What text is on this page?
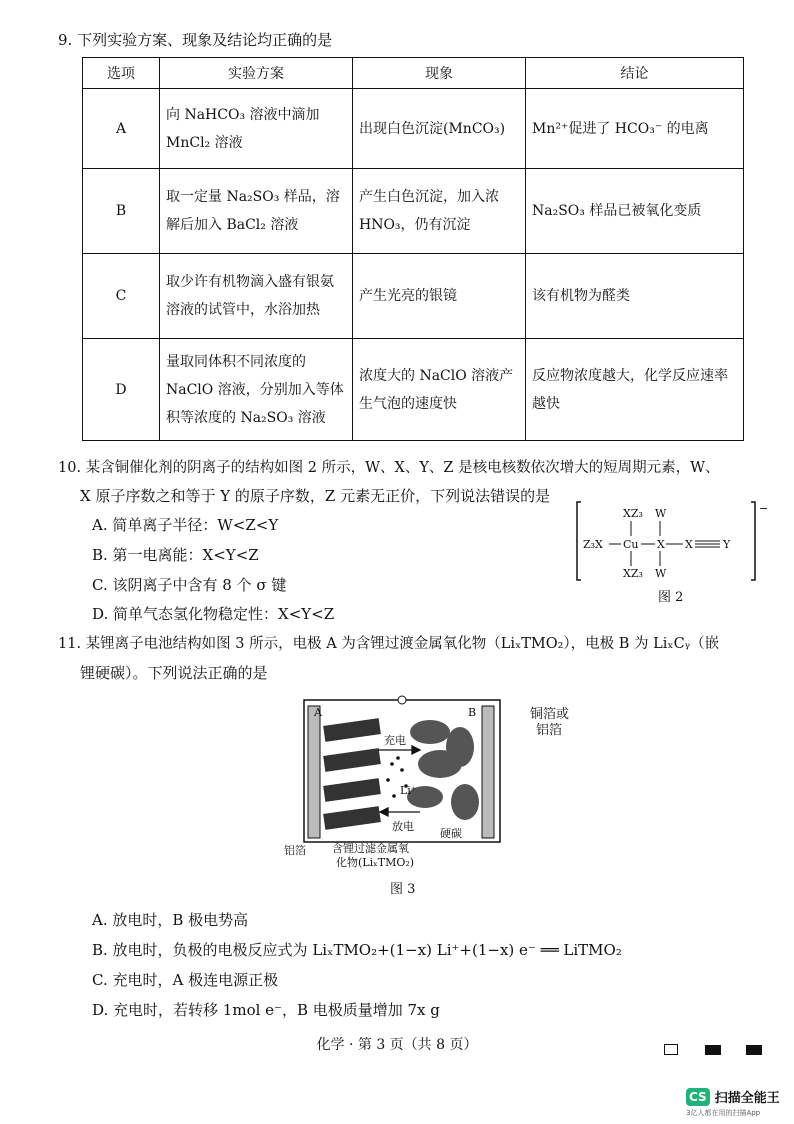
9. 下列实验方案、现象及结论均正确的是
选项	实验方案	现象	结论
A	向 NaHCO₃ 溶液中滴加 MnCl₂ 溶液	出现白色沉淀(MnCO₃)	Mn²⁺促进了 HCO₃⁻ 的电离
B	取一定量 Na₂SO₃ 样品，溶解后加入 BaCl₂ 溶液	产生白色沉淀，加入浓 HNO₃，仍有沉淀	Na₂SO₃ 样品已被氧化变质
C	取少许有机物滴入盛有银氨溶液的试管中，水浴加热	产生光亮的银镜	该有机物为醛类
D	量取同体积不同浓度的 NaClO 溶液，分别加入等体积等浓度的 Na₂SO₃ 溶液	浓度大的 NaClO 溶液产生气泡的速度快	反应物浓度越大，化学反应速率越快
10. 某含铜催化剂的阴离子的结构如图 2 所示，W、X、Y、Z 是核电核数依次增大的短周期元素，W、
X 原子序数之和等于 Y 的原子序数，Z 元素无正价，下列说法错误的是
A. 简单离子半径：W<Z<Y
B. 第一电离能：X<Y<Z
C. 该阴离子中含有 8 个 σ 键
D. 简单气态氢化物稳定性：X<Y<Z
−
XZ₃ W
Z₃X Cu X X	Y
XZ₃ W
图 2
11. 某锂离子电池结构如图 3 所示，电极 A 为含锂过渡金属氧化物（LiₓTMO₂），电极 B 为 LiₓCᵧ（嵌
锂硬碳）。下列说法正确的是
A	B
充电
放电
Li⁺
硬碳
铝箔 含锂过滤金属氧
化物(LiₓTMO₂)
铜箔或
铝箔
图 3
A. 放电时，B 极电势高
B. 放电时，负极的电极反应式为 LiₓTMO₂+(1−x) Li⁺+(1−x) e⁻ ══ LiTMO₂
C. 充电时，A 极连电源正极
D. 充电时，若转移 1mol e⁻，B 电极质量增加 7x g
化学 · 第 3 页（共 8 页）

CS 扫描全能王
3亿人都在用的扫描App
